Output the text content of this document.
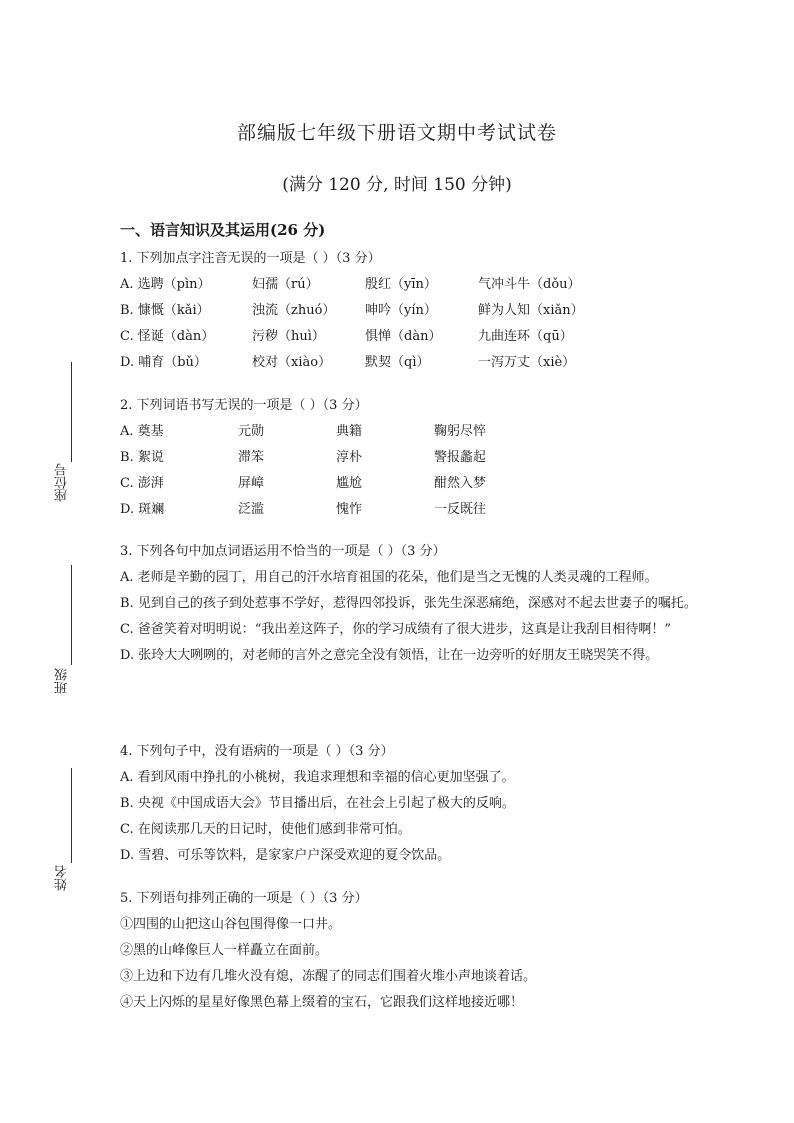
座位号
班级
姓名
部编版七年级下册语文期中考试试卷
(满分 120 分, 时间 150 分钟)
一、语言知识及其运用(26 分)
1. 下列加点字注音无误的一项是（ ）（3 分）
A. 选聘（pìn）	妇孺（rú）	殷红（yīn）	气冲斗牛（dǒu）
B. 慷慨（kǎi）	浊流（zhuó） 呻吟（yín）	鲜为人知（xiǎn）
C. 怪诞（dàn）	污秽（huì）	惧惮（dàn）	九曲连环（qū）
D. 哺育（bǔ）	校对（xiào）	默契（qì）	一泻万丈（xiè）
2. 下列词语书写无误的一项是（ ）（3 分）
A. 奠基	元勋	典籍	鞠躬尽悴
B. 絮说	滞笨	淳朴	警报蠡起
C. 澎湃	屏嶂	尴尬	酣然入梦
D. 斑斓	泛滥	愧怍	一反既往
3. 下列各句中加点词语运用不恰当的一项是（ ）（3 分）
A. 老师是辛勤的园丁，用自己的汗水培育祖国的花朵，他们是当之无愧的人类灵魂的工程师。
B. 见到自己的孩子到处惹事不学好，惹得四邻投诉，张先生深恶痛绝，深感对不起去世妻子的嘱托。
C. 爸爸笑着对明明说：“我出差这阵子，你的学习成绩有了很大进步，这真是让我刮目相待啊！”
D. 张玲大大咧咧的，对老师的言外之意完全没有领悟，让在一边旁听的好朋友王晓哭笑不得。
4. 下列句子中，没有语病的一项是（ ）（3 分）
A. 看到风雨中挣扎的小桃树，我追求理想和幸福的信心更加坚强了。
B. 央视《中国成语大会》节目播出后，在社会上引起了极大的反响。
C. 在阅读那几天的日记时，使他们感到非常可怕。
D. 雪碧、可乐等饮料，是家家户户深受欢迎的夏令饮品。
5. 下列语句排列正确的一项是（ ）（3 分）
①四围的山把这山谷包围得像一口井。
②黑的山峰像巨人一样矗立在面前。
③上边和下边有几堆火没有熄，冻醒了的同志们围着火堆小声地谈着话。
④天上闪烁的星星好像黑色幕上缀着的宝石，它跟我们这样地接近哪！
